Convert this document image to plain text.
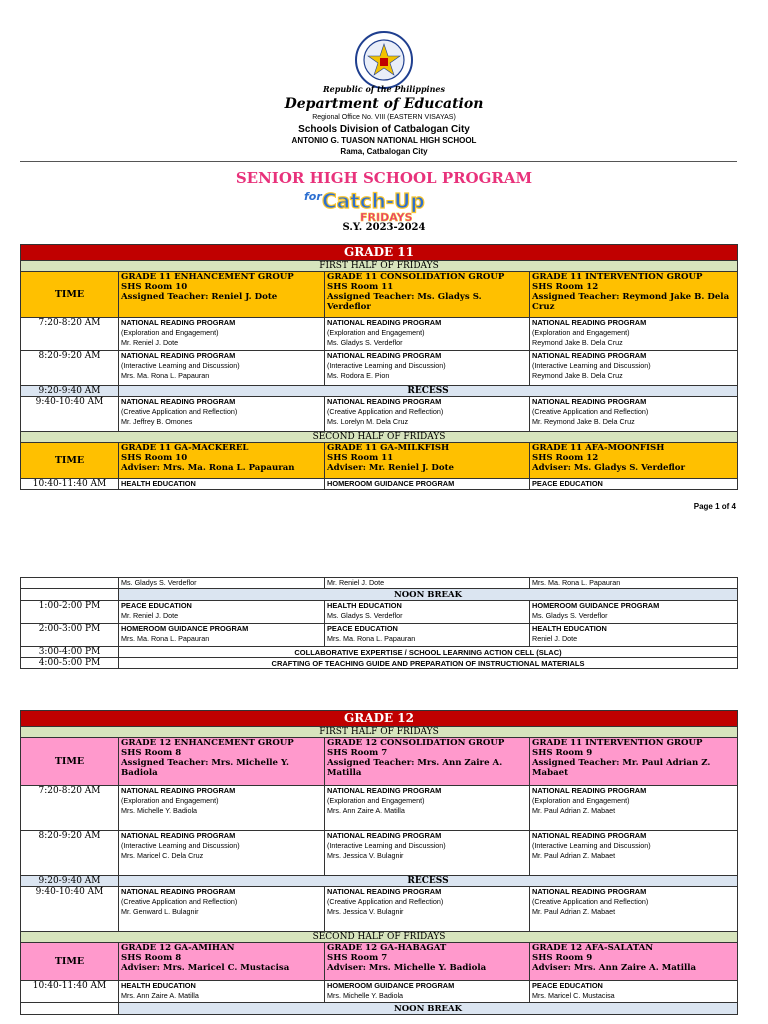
Republic of the Philippines
Department of Education
Regional Office No. VIII (EASTERN VISAYAS)
Schools Division of Catbalogan City
ANTONIO G. TUASON NATIONAL HIGH SCHOOL
Rama, Catbalogan City
SENIOR HIGH SCHOOL PROGRAM
for Catch-Up
FRIDAYS
S.Y. 2023-2024
GRADE 11			
FIRST HALF OF FRIDAYS			
TIME	GRADE 11 ENHANCEMENT GROUP
SHS Room 10
Assigned Teacher: Reniel J. Dote	GRADE 11 CONSOLIDATION GROUP
SHS Room 11
Assigned Teacher: Ms. Gladys S. Verdeflor	GRADE 11 INTERVENTION GROUP
SHS Room 12
Assigned Teacher: Reymond Jake B. Dela Cruz
7:20-8:20 AM	NATIONAL READING PROGRAM
(Exploration and Engagement)
Mr. Reniel J. Dote	NATIONAL READING PROGRAM
(Exploration and Engagement)
Ms. Gladys S. Verdeflor	NATIONAL READING PROGRAM
(Exploration and Engagement)
Reymond Jake B. Dela Cruz

8:20-9:20 AM	NATIONAL READING PROGRAM
(Interactive Learning and Discussion)
Mrs. Ma. Rona L. Papauran	NATIONAL READING PROGRAM
(Interactive Learning and Discussion)
Ms. Rodora E. Pion	NATIONAL READING PROGRAM
(Interactive Learning and Discussion)
Reymond Jake B. Dela Cruz

9:20-9:40 AM	RECESS		
9:40-10:40 AM	NATIONAL READING PROGRAM
(Creative Application and Reflection)
Mr. Jeffrey B. Omones	NATIONAL READING PROGRAM
(Creative Application and Reflection)
Ms. Lorelyn M. Dela Cruz	NATIONAL READING PROGRAM
(Creative Application and Reflection)
Mr. Reymond Jake B. Dela Cruz

SECOND HALF OF FRIDAYS			
TIME	GRADE 11 GA-MACKEREL
SHS Room 10
Adviser: Mrs. Ma. Rona L. Papauran	GRADE 11 GA-MILKFISH
SHS Room 11
Adviser: Mr. Reniel J. Dote	GRADE 11 AFA-MOONFISH
SHS Room 12
Adviser: Ms. Gladys S. Verdeflor
10:40-11:40 AM	HEALTH EDUCATION	HOMEROOM GUIDANCE PROGRAM	PEACE EDUCATION
Page 1 of 4

	Ms. Gladys S. Verdeflor	Mr. Reniel J. Dote	Mrs. Ma. Rona L. Papauran

	NOON BREAK		
1:00-2:00 PM	PEACE EDUCATION
Mr. Reniel J. Dote	HEALTH EDUCATION
Ms. Gladys S. Verdeflor	HOMEROOM GUIDANCE PROGRAM
Ms. Gladys S. Verdeflor

2:00-3:00 PM	HOMEROOM GUIDANCE PROGRAM
Mrs. Ma. Rona L. Papauran	PEACE EDUCATION
Mrs. Ma. Rona L. Papauran	HEALTH EDUCATION
Reniel J. Dote

3:00-4:00 PM	COLLABORATIVE EXPERTISE / SCHOOL LEARNING ACTION CELL (SLAC)		
4:00-5:00 PM	CRAFTING OF TEACHING GUIDE AND PREPARATION OF INSTRUCTIONAL MATERIALS		
GRADE 12			
FIRST HALF OF FRIDAYS			
TIME	GRADE 12 ENHANCEMENT GROUP
SHS Room 8
Assigned Teacher: Mrs. Michelle Y. Badiola	GRADE 12 CONSOLIDATION GROUP
SHS Room 7
Assigned Teacher: Mrs. Ann Zaire A. Matilla	GRADE 11 INTERVENTION GROUP
SHS Room 9
Assigned Teacher: Mr. Paul Adrian Z. Mabaet
7:20-8:20 AM	NATIONAL READING PROGRAM
(Exploration and Engagement)
Mrs. Michelle Y. Badiola	NATIONAL READING PROGRAM
(Exploration and Engagement)
Mrs. Ann Zaire A. Matilla	NATIONAL READING PROGRAM
(Exploration and Engagement)
Mr. Paul Adrian Z. Mabaet

8:20-9:20 AM	NATIONAL READING PROGRAM
(Interactive Learning and Discussion)
Mrs. Maricel C. Dela Cruz	NATIONAL READING PROGRAM
(Interactive Learning and Discussion)
Mrs. Jessica V. Bulagnir	NATIONAL READING PROGRAM
(Interactive Learning and Discussion)
Mr. Paul Adrian Z. Mabaet

9:20-9:40 AM	RECESS		
9:40-10:40 AM	NATIONAL READING PROGRAM
(Creative Application and Reflection)
Mr. Genward L. Bulagnir	NATIONAL READING PROGRAM
(Creative Application and Reflection)
Mrs. Jessica V. Bulagnir	NATIONAL READING PROGRAM
(Creative Application and Reflection)
Mr. Paul Adrian Z. Mabaet

SECOND HALF OF FRIDAYS			
TIME	GRADE 12 GA-AMIHAN
SHS Room 8
Adviser: Mrs. Maricel C. Mustacisa	GRADE 12 GA-HABAGAT
SHS Room 7
Adviser: Mrs. Michelle Y. Badiola	GRADE 12 AFA-SALATAN
SHS Room 9
Adviser: Mrs. Ann Zaire A. Matilla
10:40-11:40 AM	HEALTH EDUCATION
Mrs. Ann Zaire A. Matilla	HOMEROOM GUIDANCE PROGRAM
Mrs. Michelle Y. Badiola	PEACE EDUCATION
Mrs. Maricel C. Mustacisa

	NOON BREAK		
